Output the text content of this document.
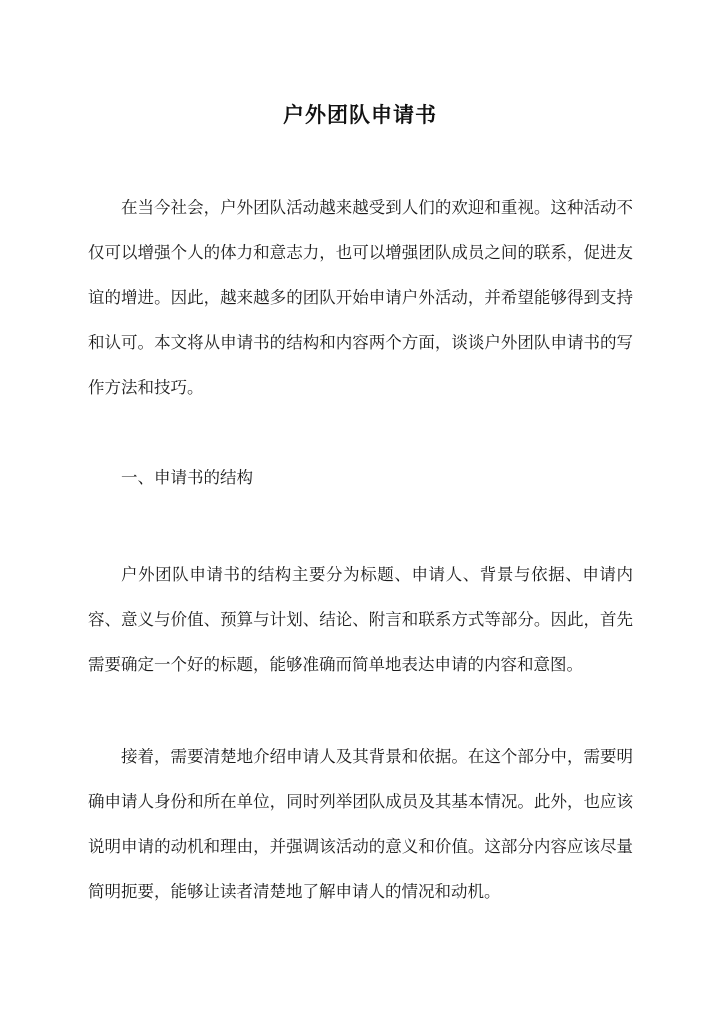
户外团队申请书

在当今社会，户外团队活动越来越受到人们的欢迎和重视。这种活动不仅可以增强个人的体力和意志力，也可以增强团队成员之间的联系，促进友谊的增进。因此，越来越多的团队开始申请户外活动，并希望能够得到支持和认可。本文将从申请书的结构和内容两个方面，谈谈户外团队申请书的写作方法和技巧。

一、申请书的结构

户外团队申请书的结构主要分为标题、申请人、背景与依据、申请内容、意义与价值、预算与计划、结论、附言和联系方式等部分。因此，首先需要确定一个好的标题，能够准确而简单地表达申请的内容和意图。

接着，需要清楚地介绍申请人及其背景和依据。在这个部分中，需要明确申请人身份和所在单位，同时列举团队成员及其基本情况。此外，也应该说明申请的动机和理由，并强调该活动的意义和价值。这部分内容应该尽量简明扼要，能够让读者清楚地了解申请人的情况和动机。
